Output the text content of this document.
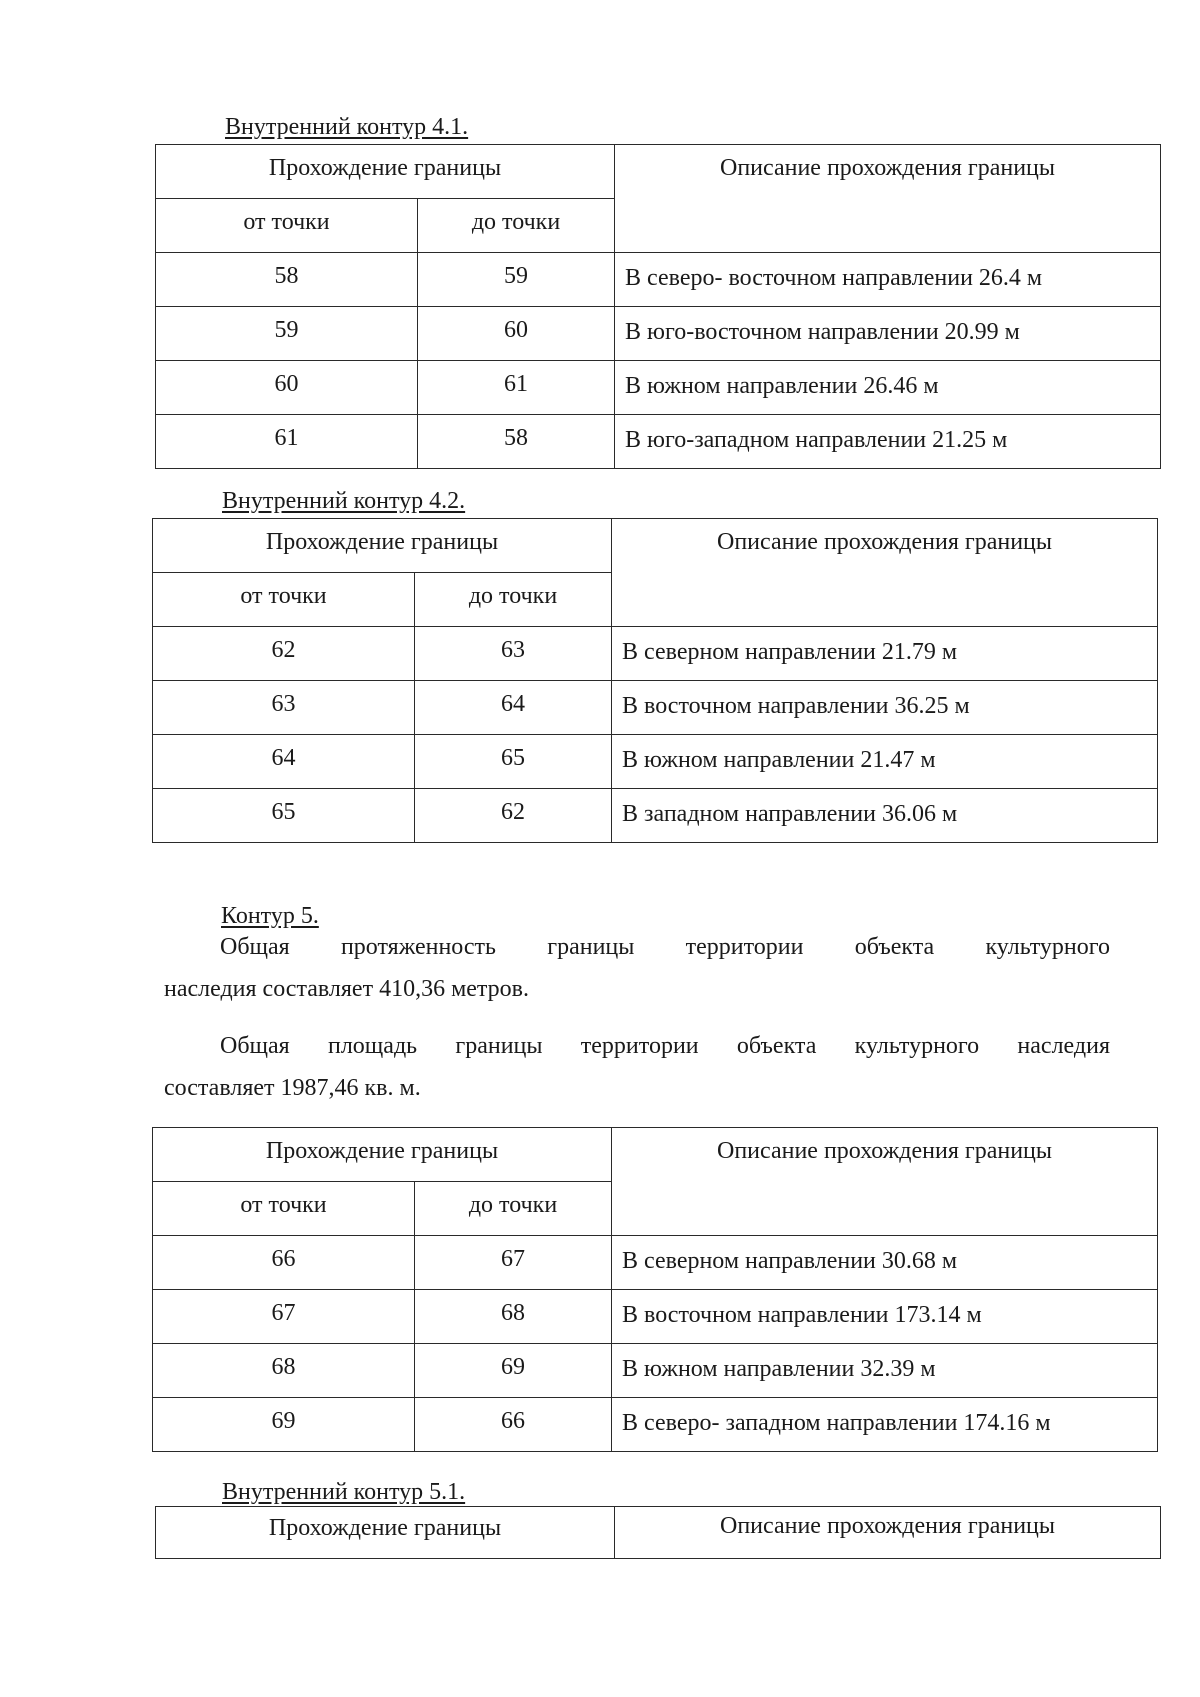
Внутренний контур 4.1.
Прохождение границы		Описание прохождения границы
от точки	до точки	
58	59	В северо- восточном направлении 26.4 м
59	60	В юго-восточном направлении 20.99 м
60	61	В южном направлении 26.46 м
61	58	В юго-западном направлении 21.25 м
Внутренний контур 4.2.
Прохождение границы		Описание прохождения границы
от точки	до точки	
62	63	В северном направлении 21.79 м
63	64	В восточном направлении 36.25 м
64	65	В южном направлении 21.47 м
65	62	В западном направлении 36.06 м
Контур 5.

Общая протяженность границы территории объекта культурного
наследия составляет 410,36 метров.

Общая площадь границы территории объекта культурного наследия
составляет 1987,46 кв. м.

Прохождение границы		Описание прохождения границы
от точки	до точки	
66	67	В северном направлении 30.68 м
67	68	В восточном направлении 173.14 м
68	69	В южном направлении 32.39 м
69	66	В северо- западном направлении 174.16 м
Внутренний контур 5.1.
Прохождение границы	Описание прохождения границы
